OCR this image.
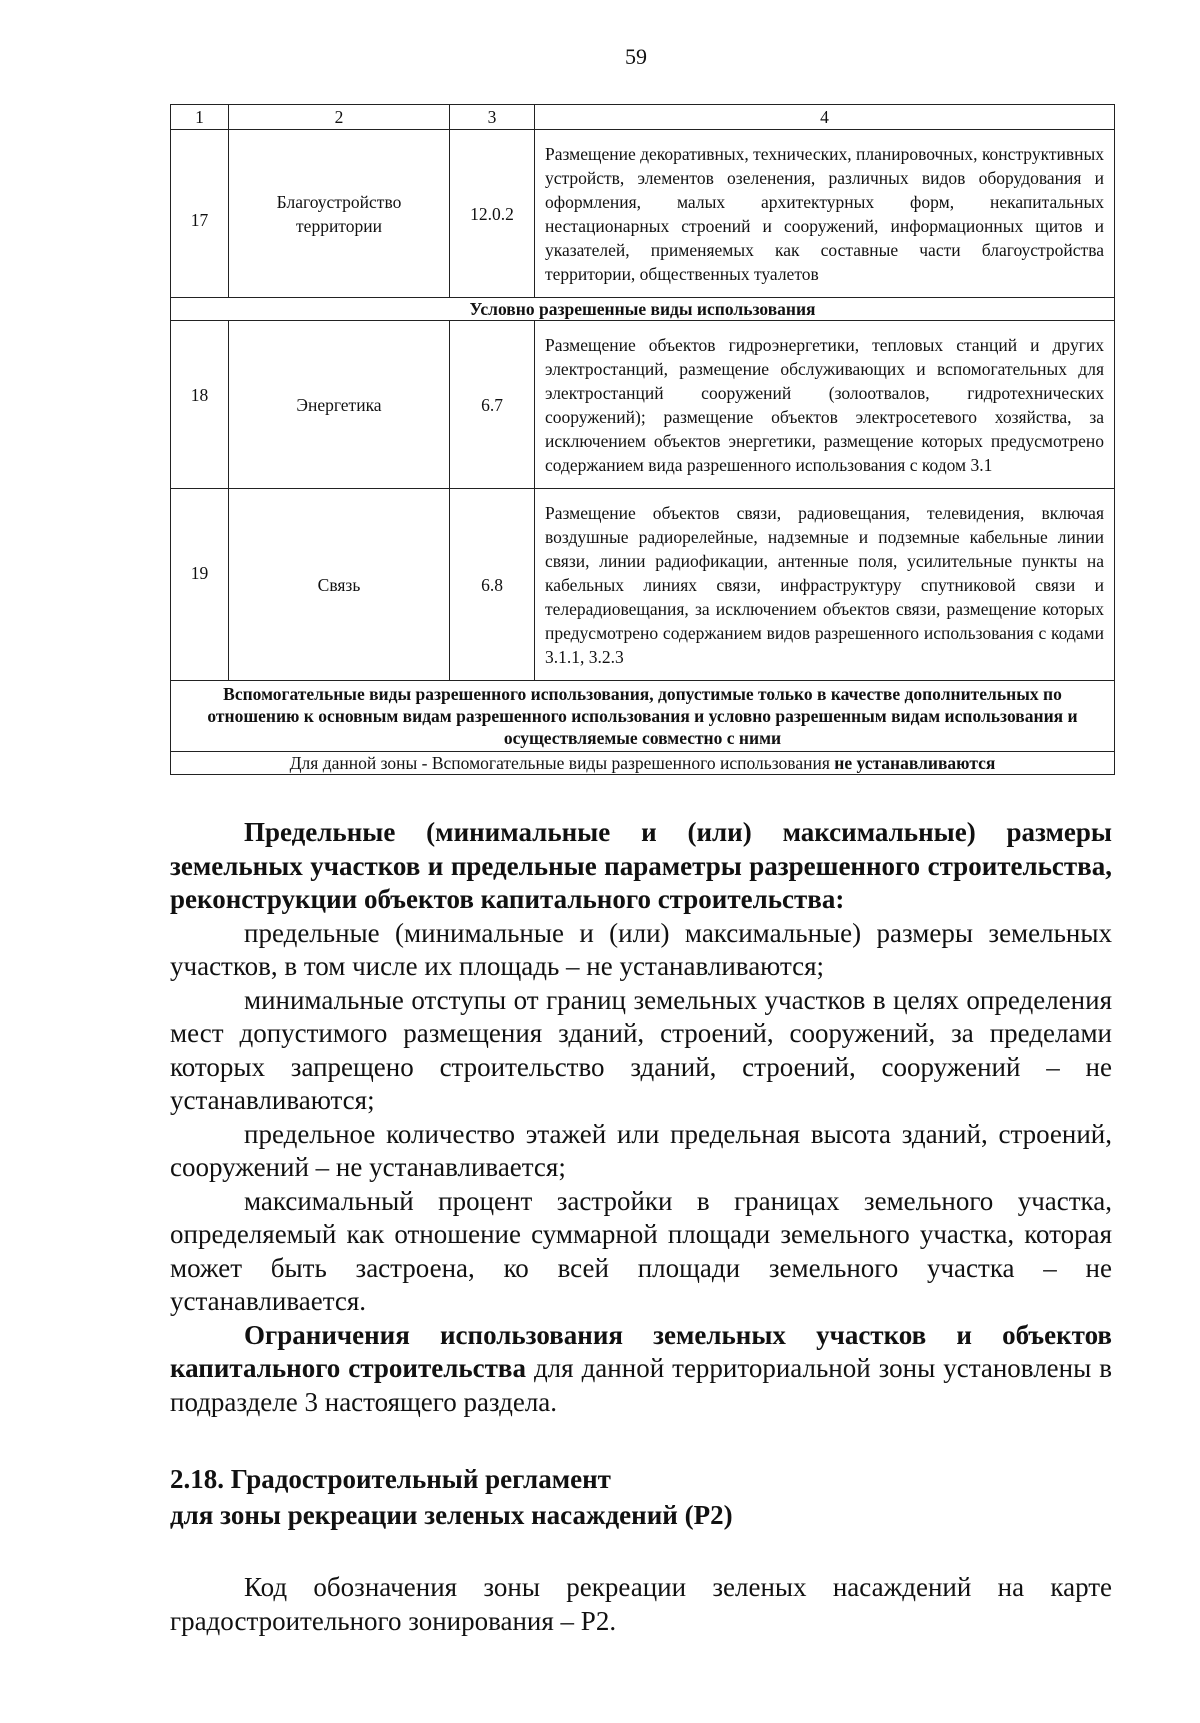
59
1	2	3	4
17	Благоустройство территории	12.0.2	Размещение декоративных, технических, планировочных, конструктивных устройств, элементов озеленения, различных видов оборудования и оформления, малых архитектурных форм, некапитальных нестационарных строений и сооружений, информационных щитов и указателей, применяемых как составные части благоустройства территории, общественных туалетов
Условно разрешенные виды использования			
18	Энергетика	6.7	Размещение объектов гидроэнергетики, тепловых станций и других электростанций, размещение обслуживающих и вспомогательных для электростанций сооружений (золоотвалов, гидротехнических сооружений); размещение объектов электросетевого хозяйства, за исключением объектов энергетики, размещение которых предусмотрено содержанием вида разрешенного использования с кодом 3.1
19	Связь	6.8	Размещение объектов связи, радиовещания, телевидения, включая воздушные радиорелейные, надземные и подземные кабельные линии связи, линии радиофикации, антенные поля, усилительные пункты на кабельных линиях связи, инфраструктуру спутниковой связи и телерадиовещания, за исключением объектов связи, размещение которых предусмотрено содержанием видов разрешенного использования с кодами 3.1.1, 3.2.3
Вспомогательные виды разрешенного использования, допустимые только в качестве дополнительных по отношению к основным видам разрешенного использования и условно разрешенным видам использования и осуществляемые совместно с ними			
Для данной зоны - Вспомогательные виды разрешенного использования не устанавливаются			

Предельные (минимальные и (или) максимальные) размеры земельных участков и предельные параметры разрешенного строительства, реконструкции объектов капитального строительства:

предельные (минимальные и (или) максимальные) размеры земельных участков, в том числе их площадь – не устанавливаются;

минимальные отступы от границ земельных участков в целях определения мест допустимого размещения зданий, строений, сооружений, за пределами которых запрещено строительство зданий, строений, сооружений – не устанавливаются;

предельное количество этажей или предельная высота зданий, строений, сооружений – не устанавливается;

максимальный процент застройки в границах земельного участка, определяемый как отношение суммарной площади земельного участка, которая может быть застроена, ко всей площади земельного участка – не устанавливается.

Ограничения использования земельных участков и объектов капитального строительства для данной территориальной зоны установлены в подразделе 3 настоящего раздела.

2.18. Градостроительный регламент
для зоны рекреации зеленых насаждений (Р2)

Код обозначения зоны рекреации зеленых насаждений на карте градостроительного зонирования – Р2.
